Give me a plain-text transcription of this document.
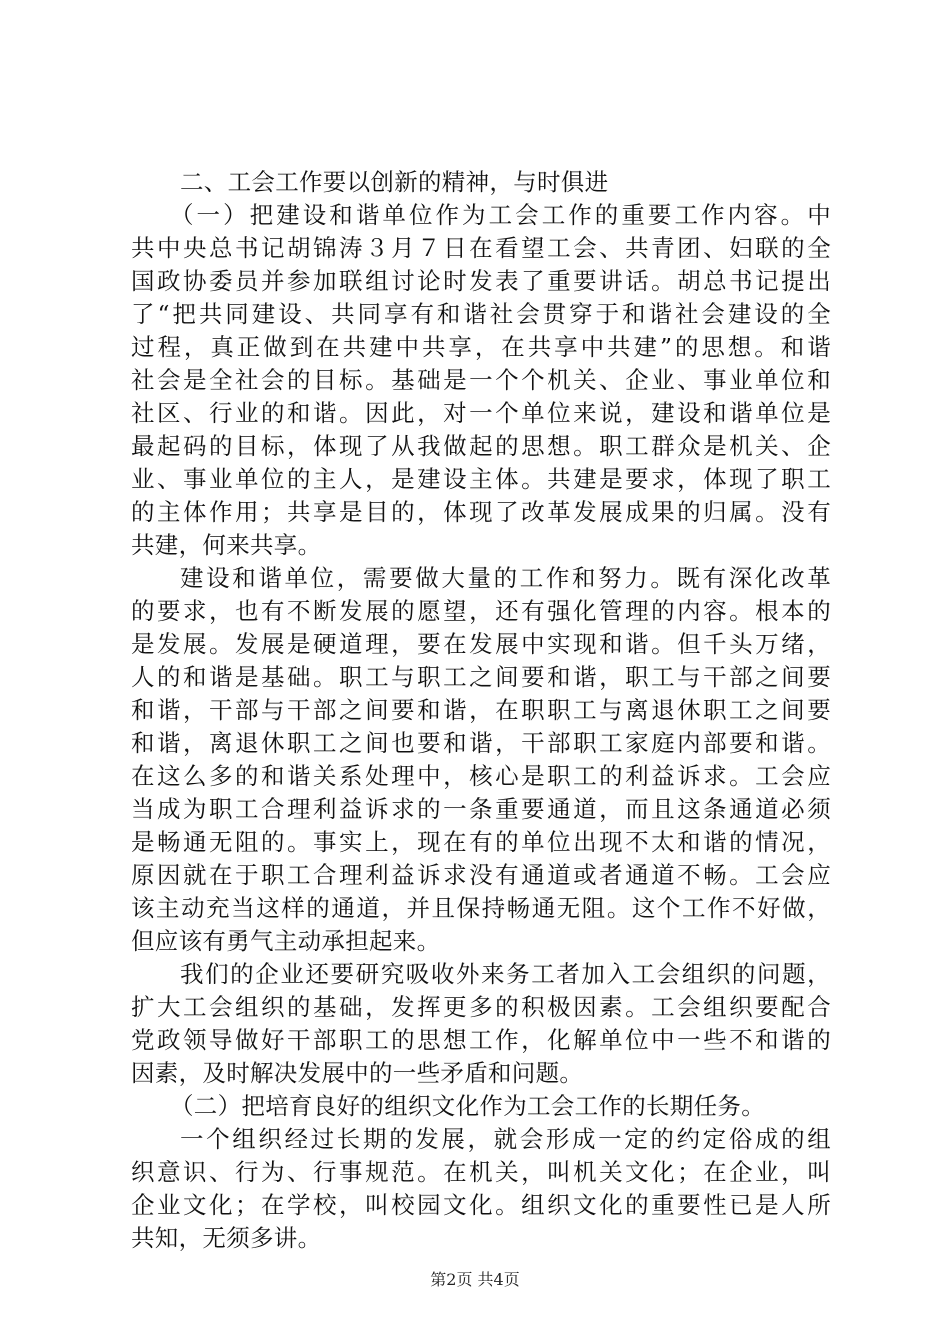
二、工会工作要以创新的精神，与时俱进
（一）把建设和谐单位作为工会工作的重要工作内容。中
共中央总书记胡锦涛３月７日在看望工会、共青团、妇联的全
国政协委员并参加联组讨论时发表了重要讲话。胡总书记提出
了“把共同建设、共同享有和谐社会贯穿于和谐社会建设的全
过程，真正做到在共建中共享，在共享中共建”的思想。和谐
社会是全社会的目标。基础是一个个机关、企业、事业单位和
社区、行业的和谐。因此，对一个单位来说，建设和谐单位是
最起码的目标，体现了从我做起的思想。职工群众是机关、企
业、事业单位的主人，是建设主体。共建是要求，体现了职工
的主体作用；共享是目的，体现了改革发展成果的归属。没有
共建，何来共享。
建设和谐单位，需要做大量的工作和努力。既有深化改革
的要求，也有不断发展的愿望，还有强化管理的内容。根本的
是发展。发展是硬道理，要在发展中实现和谐。但千头万绪，
人的和谐是基础。职工与职工之间要和谐，职工与干部之间要
和谐，干部与干部之间要和谐，在职职工与离退休职工之间要
和谐，离退休职工之间也要和谐，干部职工家庭内部要和谐。
在这么多的和谐关系处理中，核心是职工的利益诉求。工会应
当成为职工合理利益诉求的一条重要通道，而且这条通道必须
是畅通无阻的。事实上，现在有的单位出现不太和谐的情况，
原因就在于职工合理利益诉求没有通道或者通道不畅。工会应
该主动充当这样的通道，并且保持畅通无阻。这个工作不好做，
但应该有勇气主动承担起来。
我们的企业还要研究吸收外来务工者加入工会组织的问题，
扩大工会组织的基础，发挥更多的积极因素。工会组织要配合
党政领导做好干部职工的思想工作，化解单位中一些不和谐的
因素，及时解决发展中的一些矛盾和问题。
（二）把培育良好的组织文化作为工会工作的长期任务。
一个组织经过长期的发展，就会形成一定的约定俗成的组
织意识、行为、行事规范。在机关，叫机关文化；在企业，叫
企业文化；在学校，叫校园文化。组织文化的重要性已是人所
共知，无须多讲。
第2页 共4页
